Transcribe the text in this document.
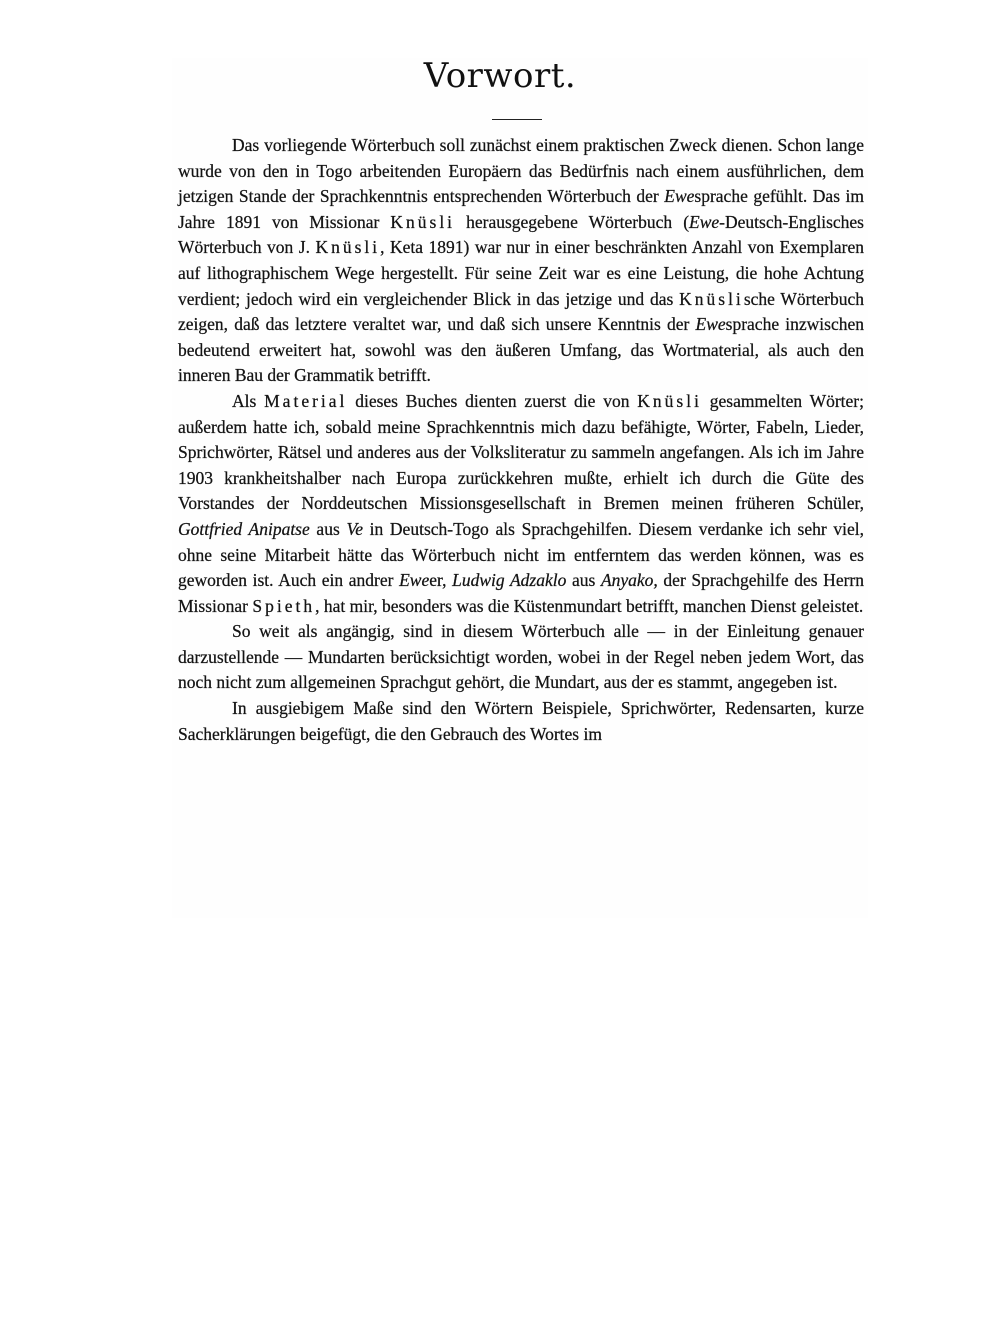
Vorwort.

Das vorliegende Wörterbuch soll zunächst einem praktischen Zweck dienen. Schon lange wurde von den in Togo arbeitenden Europäern das Bedürfnis nach einem ausführlichen, dem jetzigen Stande der Sprachkenntnis entsprechenden Wörterbuch der Ewesprache gefühlt. Das im Jahre 1891 von Missionar Knüsli herausgegebene Wörterbuch (Ewe-Deutsch-Englisches Wörterbuch von J. Knüsli, Keta 1891) war nur in einer beschränkten Anzahl von Exemplaren auf lithographischem Wege hergestellt. Für seine Zeit war es eine Leistung, die hohe Achtung verdient; jedoch wird ein vergleichender Blick in das jetzige und das Knüslische Wörterbuch zeigen, daß das letztere veraltet war, und daß sich unsere Kenntnis der Ewesprache inzwischen bedeutend erweitert hat, sowohl was den äußeren Umfang, das Wortmaterial, als auch den inneren Bau der Grammatik betrifft.

Als Material dieses Buches dienten zuerst die von Knüsli gesammelten Wörter; außerdem hatte ich, sobald meine Sprachkenntnis mich dazu befähigte, Wörter, Fabeln, Lieder, Sprichwörter, Rätsel und anderes aus der Volksliteratur zu sammeln angefangen. Als ich im Jahre 1903 krankheitshalber nach Europa zurückkehren mußte, erhielt ich durch die Güte des Vorstandes der Norddeutschen Missionsgesellschaft in Bremen meinen früheren Schüler, Gottfried Anipatse aus Ve in Deutsch-Togo als Sprachgehilfen. Diesem verdanke ich sehr viel, ohne seine Mitarbeit hätte das Wörterbuch nicht im entferntem das werden können, was es geworden ist. Auch ein andrer Eweer, Ludwig Adzaklo aus Anyako, der Sprachgehilfe des Herrn Missionar Spieth, hat mir, besonders was die Küstenmundart betrifft, manchen Dienst geleistet.

So weit als angängig, sind in diesem Wörterbuch alle — in der Einleitung genauer darzustellende — Mundarten berücksichtigt worden, wobei in der Regel neben jedem Wort, das noch nicht zum allgemeinen Sprachgut gehört, die Mundart, aus der es stammt, angegeben ist.

In ausgiebigem Maße sind den Wörtern Beispiele, Sprichwörter, Redensarten, kurze Sacherklärungen beigefügt, die den Gebrauch des Wortes im
